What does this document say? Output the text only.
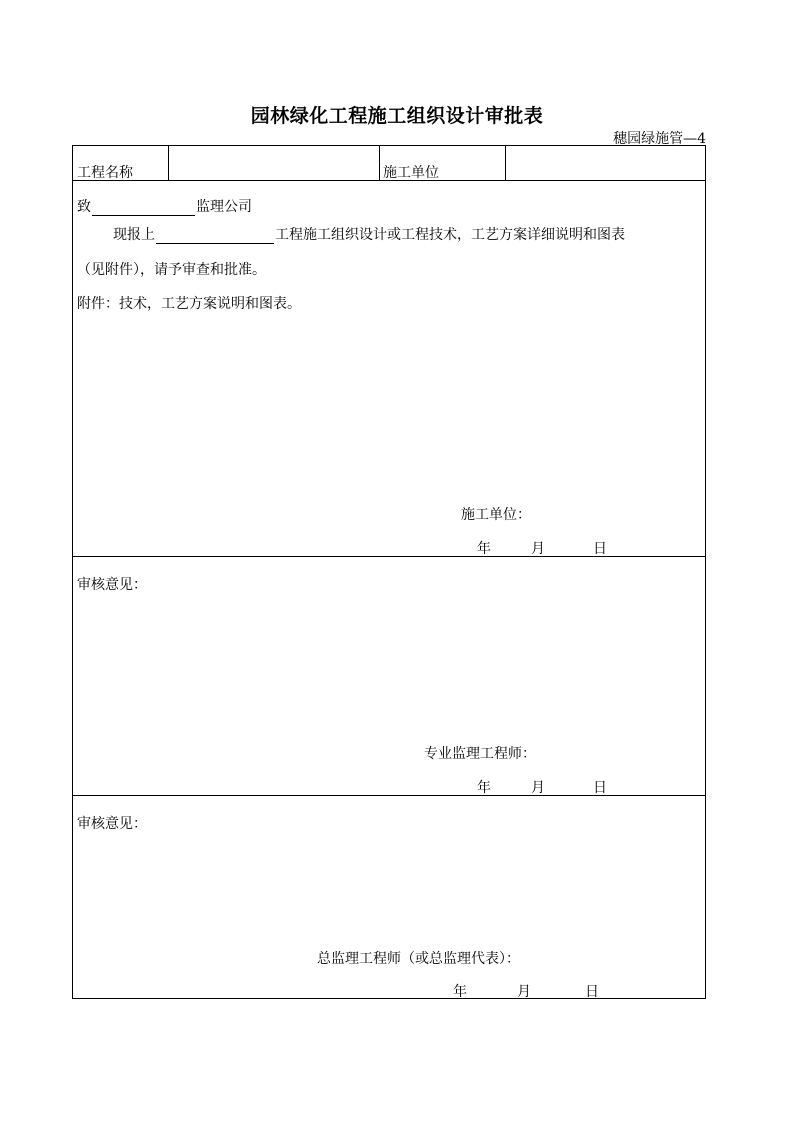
园林绿化工程施工组织设计审批表
穗园绿施管—4
工程名称	施工单位
致	监理公司
现报上	工程施工组织设计或工程技术，工艺方案详细说明和图表
（见附件），请予审查和批准。
附件：技术，工艺方案说明和图表。
施工单位：
年	月	日
审核意见：
专业监理工程师：
年	月	日
审核意见：
总监理工程师（或总监理代表）：
年	月	日
